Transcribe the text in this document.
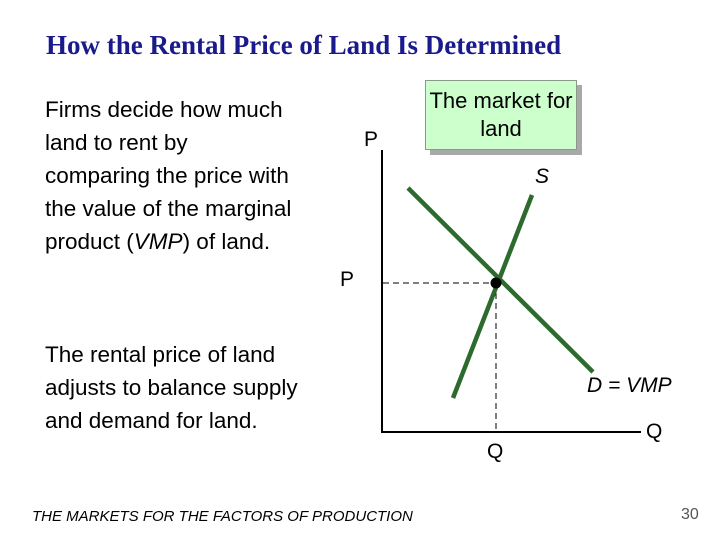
How the Rental Price of Land Is Determined
Firms decide how much land to rent by comparing the price with the value of the marginal product (VMP) of land.
The rental price of land adjusts to balance supply and demand for land.
The market for land
P
P
S
D = VMP
Q
Q
THE MARKETS FOR THE FACTORS OF PRODUCTION	30
